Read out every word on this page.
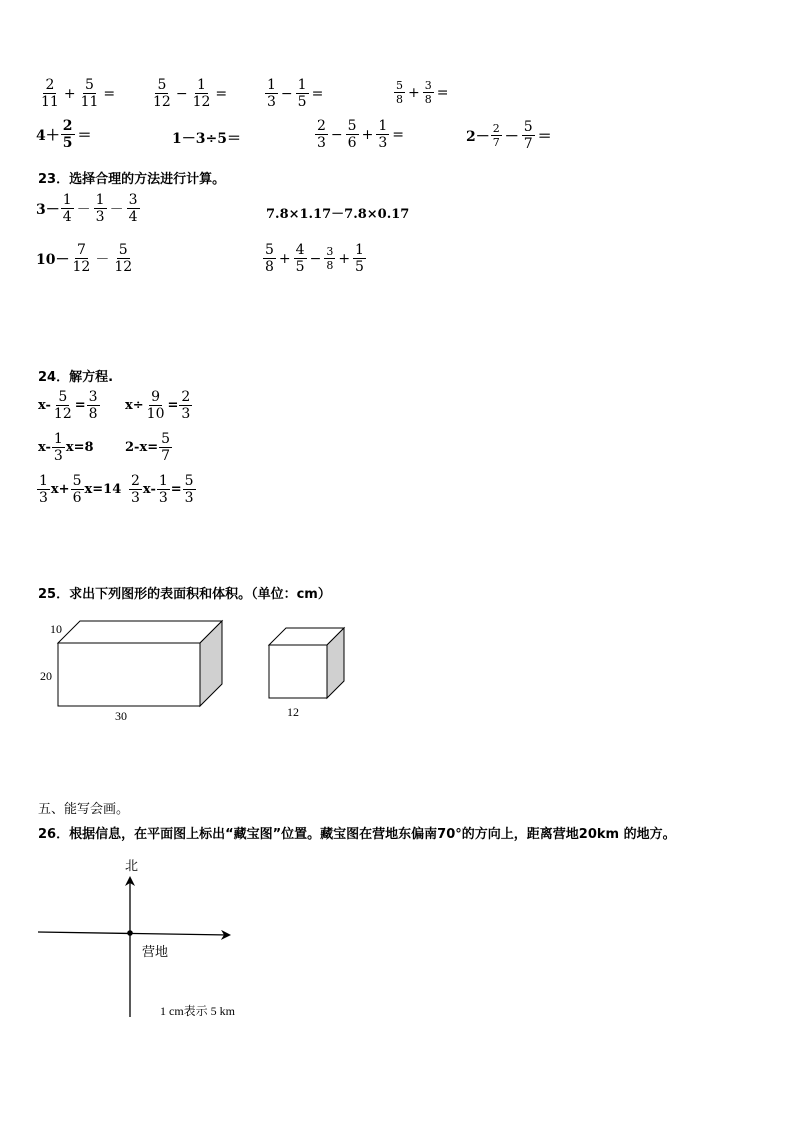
$\frac{2}{11} + \frac{5}{11}$ =	$\frac{5}{12} - \frac{1}{12}$ =	$\frac{1}{3} - \frac{1}{5}$ =	$\frac{5}{8} + \frac{3}{8}$ =
$4+ \frac{2}{5}$ ＝	1－3÷5＝	$\frac{2}{3} - \frac{5}{6} + \frac{1}{3}$ =	$2- \frac{2}{7} - \frac{5}{7}$ ＝
23．选择合理的方法进行计算。
$3- \frac{1}{4} - \frac{1}{3} - \frac{3}{4}$	7.8×1.17－7.8×0.17
$10- \frac{7}{12} - \frac{5}{12}$	$\frac{5}{8} + \frac{4}{5} - \frac{3}{8} + \frac{1}{5}$
24．解方程.
$x- \frac{5}{12} = \frac{3}{8} x\div \frac{9}{10} = \frac{2}{3}$
$x- \frac{1}{3} x=8$ $2-x= \frac{5}{7}$
$\frac{1}{3} x+ \frac{5}{6} x=14 \frac{2}{3} x- \frac{1}{3} = \frac{5}{3}$
25．求出下列图形的表面积和体积。（单位：cm）
10
20
30	12
五、能写会画。
26．根据信息，在平面图上标出“藏宝图”位置。藏宝图在营地东偏南70°的方向上，距离营地20km 的地方。
北
营地
1 cm表示 5 km
